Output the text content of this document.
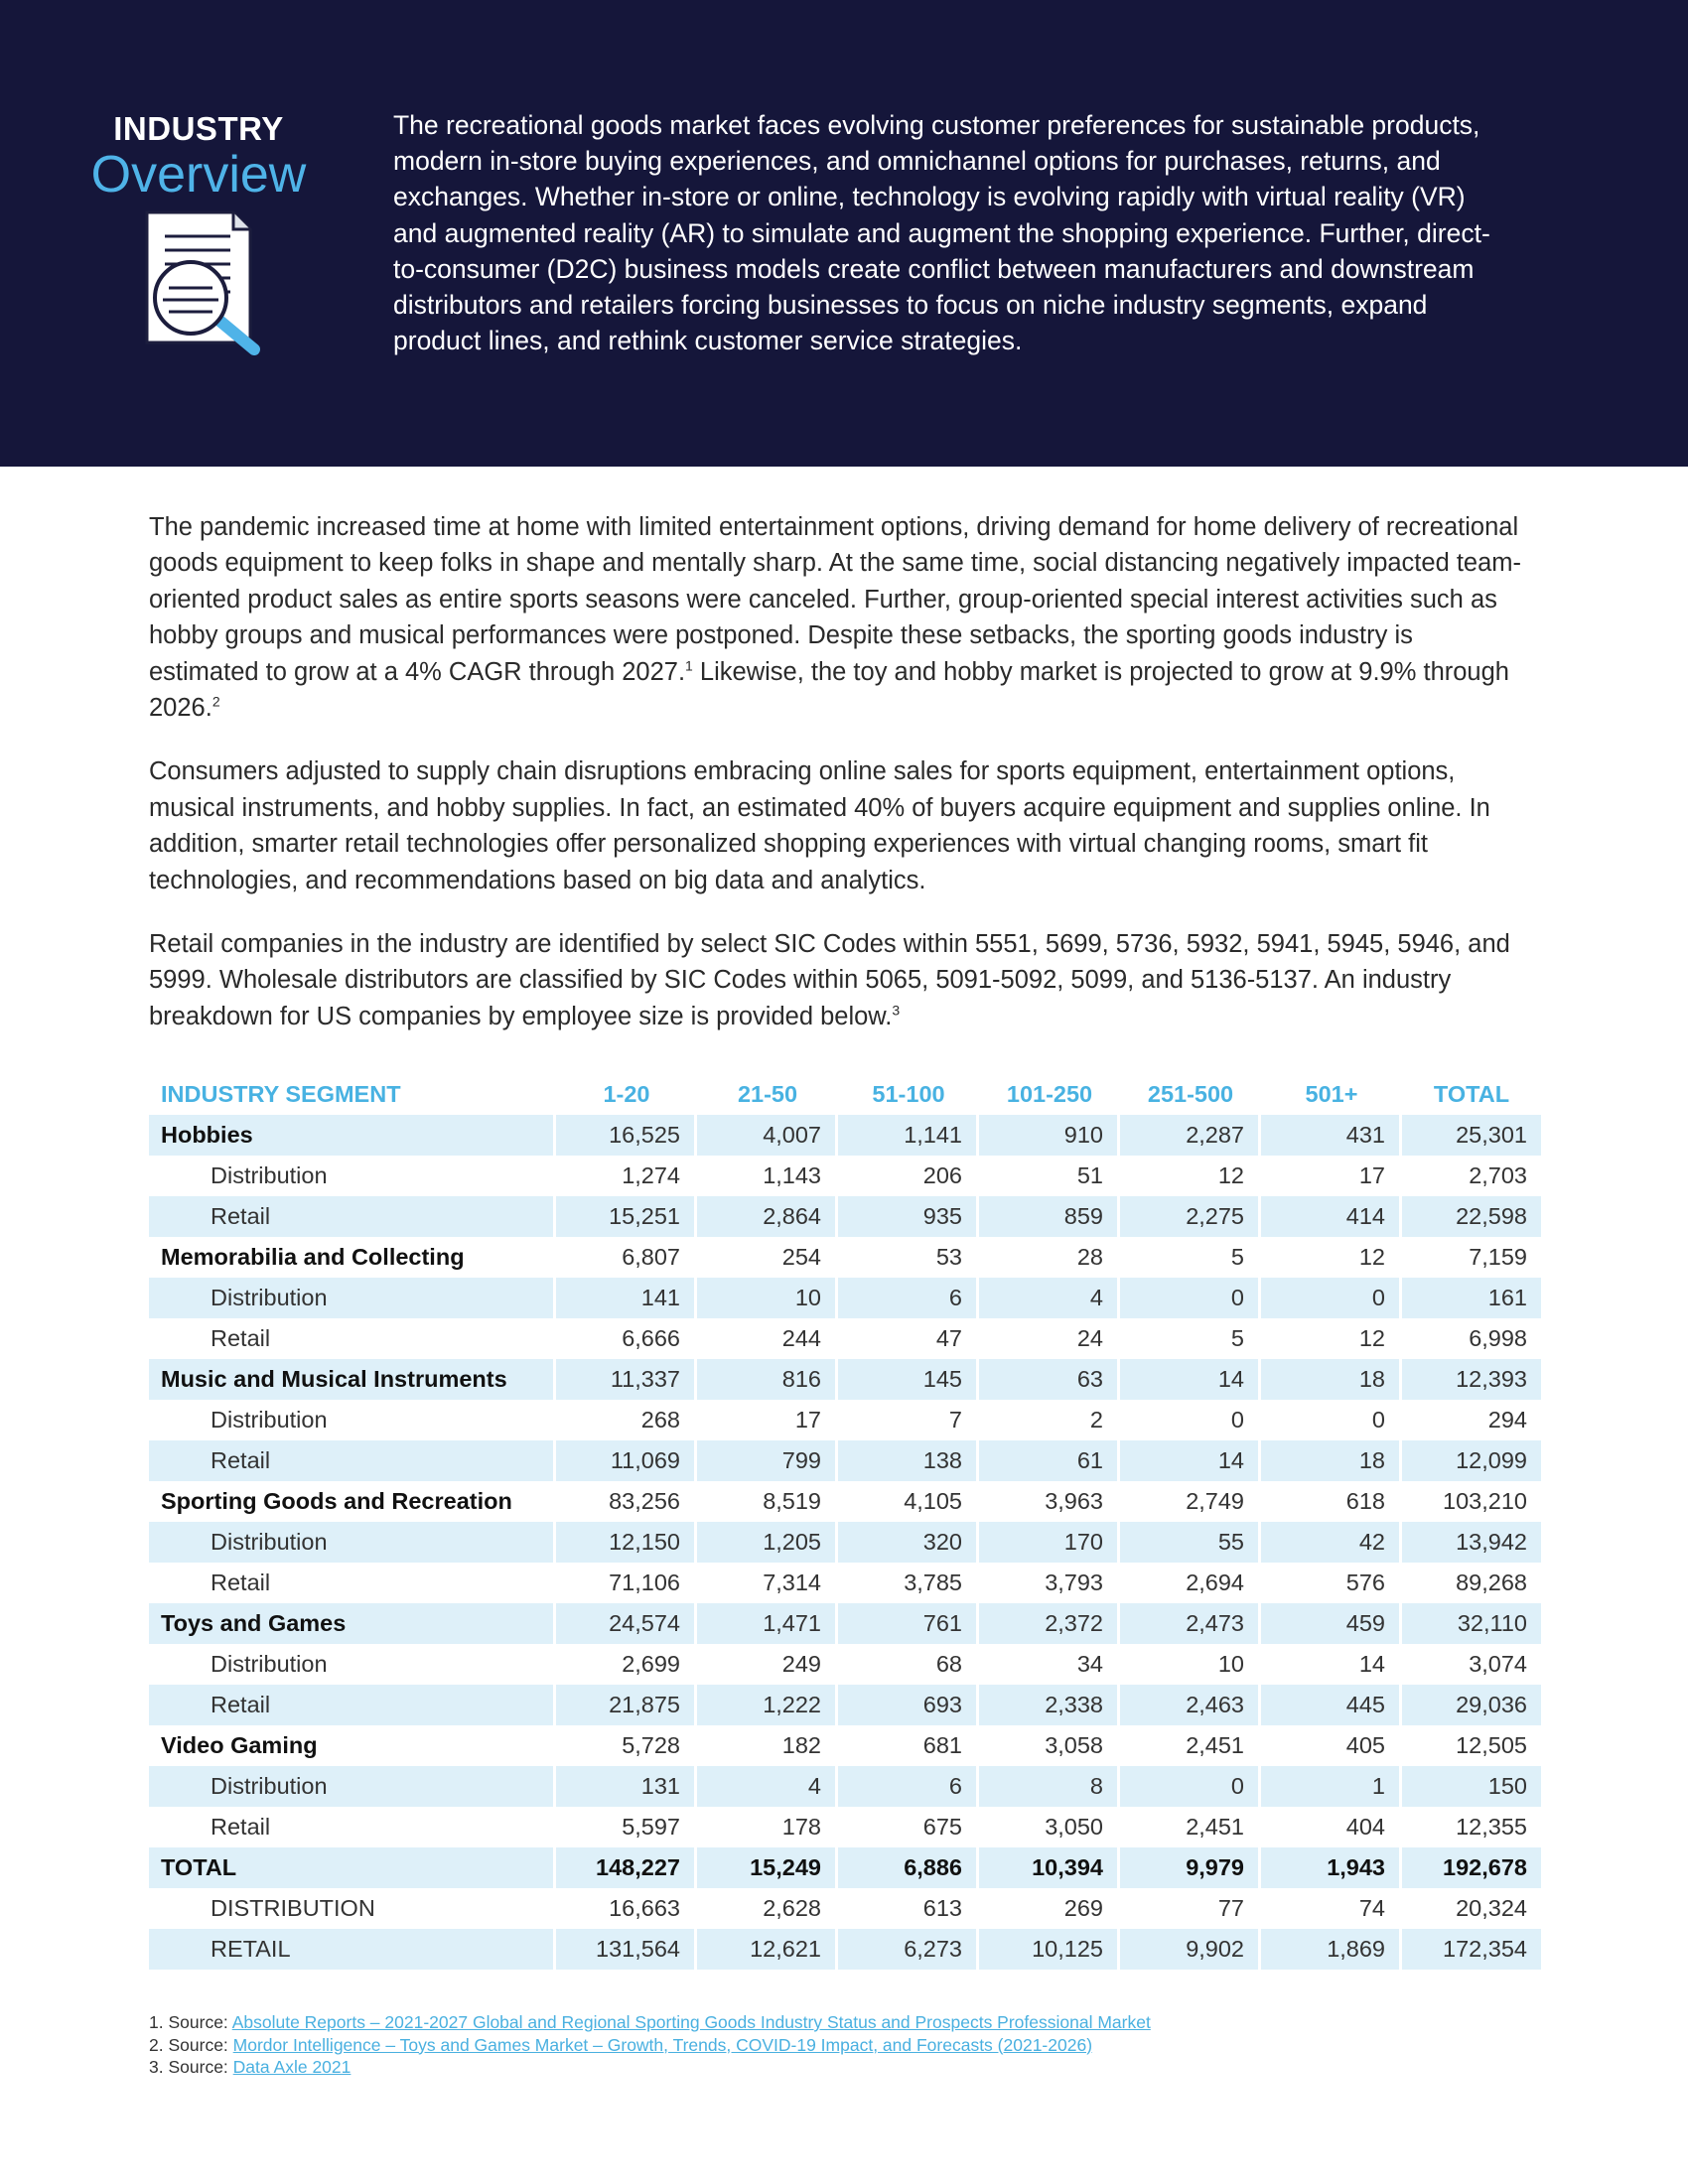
INDUSTRY
Overview
The recreational goods market faces evolving customer preferences for sustainable products, modern in-store buying experiences, and omnichannel options for purchases, returns, and exchanges. Whether in-store or online, technology is evolving rapidly with virtual reality (VR) and augmented reality (AR) to simulate and augment the shopping experience. Further, direct-to-consumer (D2C) business models create conflict between manufacturers and downstream distributors and retailers forcing businesses to focus on niche industry segments, expand product lines, and rethink customer service strategies.

The pandemic increased time at home with limited entertainment options, driving demand for home delivery of recreational goods equipment to keep folks in shape and mentally sharp. At the same time, social distancing negatively impacted team-oriented product sales as entire sports seasons were canceled. Further, group-oriented special interest activities such as hobby groups and musical performances were postponed. Despite these setbacks, the sporting goods industry is estimated to grow at a 4% CAGR through 2027.$^1$ Likewise, the toy and hobby market is projected to grow at 9.9% through 2026.$^2$

Consumers adjusted to supply chain disruptions embracing online sales for sports equipment, entertainment options, musical instruments, and hobby supplies. In fact, an estimated 40% of buyers acquire equipment and supplies online. In addition, smarter retail technologies offer personalized shopping experiences with virtual changing rooms, smart fit technologies, and recommendations based on big data and analytics.

Retail companies in the industry are identified by select SIC Codes within 5551, 5699, 5736, 5932, 5941, 5945, 5946, and 5999. Wholesale distributors are classified by SIC Codes within 5065, 5091-5092, 5099, and 5136-5137. An industry breakdown for US companies by employee size is provided below.$^3$

INDUSTRY SEGMENT	1-20	21-50	51-100	101-250	251-500	501+	TOTAL
Hobbies	16,525	4,007	1,141	910	2,287	431	25,301
Distribution	1,274	1,143	206	51	12	17	2,703
Retail	15,251	2,864	935	859	2,275	414	22,598
Memorabilia and Collecting	6,807	254	53	28	5	12	7,159
Distribution	141	10	6	4	0	0	161
Retail	6,666	244	47	24	5	12	6,998
Music and Musical Instruments	11,337	816	145	63	14	18	12,393
Distribution	268	17	7	2	0	0	294
Retail	11,069	799	138	61	14	18	12,099
Sporting Goods and Recreation	83,256	8,519	4,105	3,963	2,749	618	103,210
Distribution	12,150	1,205	320	170	55	42	13,942
Retail	71,106	7,314	3,785	3,793	2,694	576	89,268
Toys and Games	24,574	1,471	761	2,372	2,473	459	32,110
Distribution	2,699	249	68	34	10	14	3,074
Retail	21,875	1,222	693	2,338	2,463	445	29,036
Video Gaming	5,728	182	681	3,058	2,451	405	12,505
Distribution	131	4	6	8	0	1	150
Retail	5,597	178	675	3,050	2,451	404	12,355
TOTAL	148,227	15,249	6,886	10,394	9,979	1,943	192,678
DISTRIBUTION	16,663	2,628	613	269	77	74	20,324
RETAIL	131,564	12,621	6,273	10,125	9,902	1,869	172,354
1. Source: Absolute Reports – 2021-2027 Global and Regional Sporting Goods Industry Status and Prospects Professional Market
2. Source: Mordor Intelligence – Toys and Games Market – Growth, Trends, COVID-19 Impact, and Forecasts (2021-2026)
3. Source: Data Axle 2021
